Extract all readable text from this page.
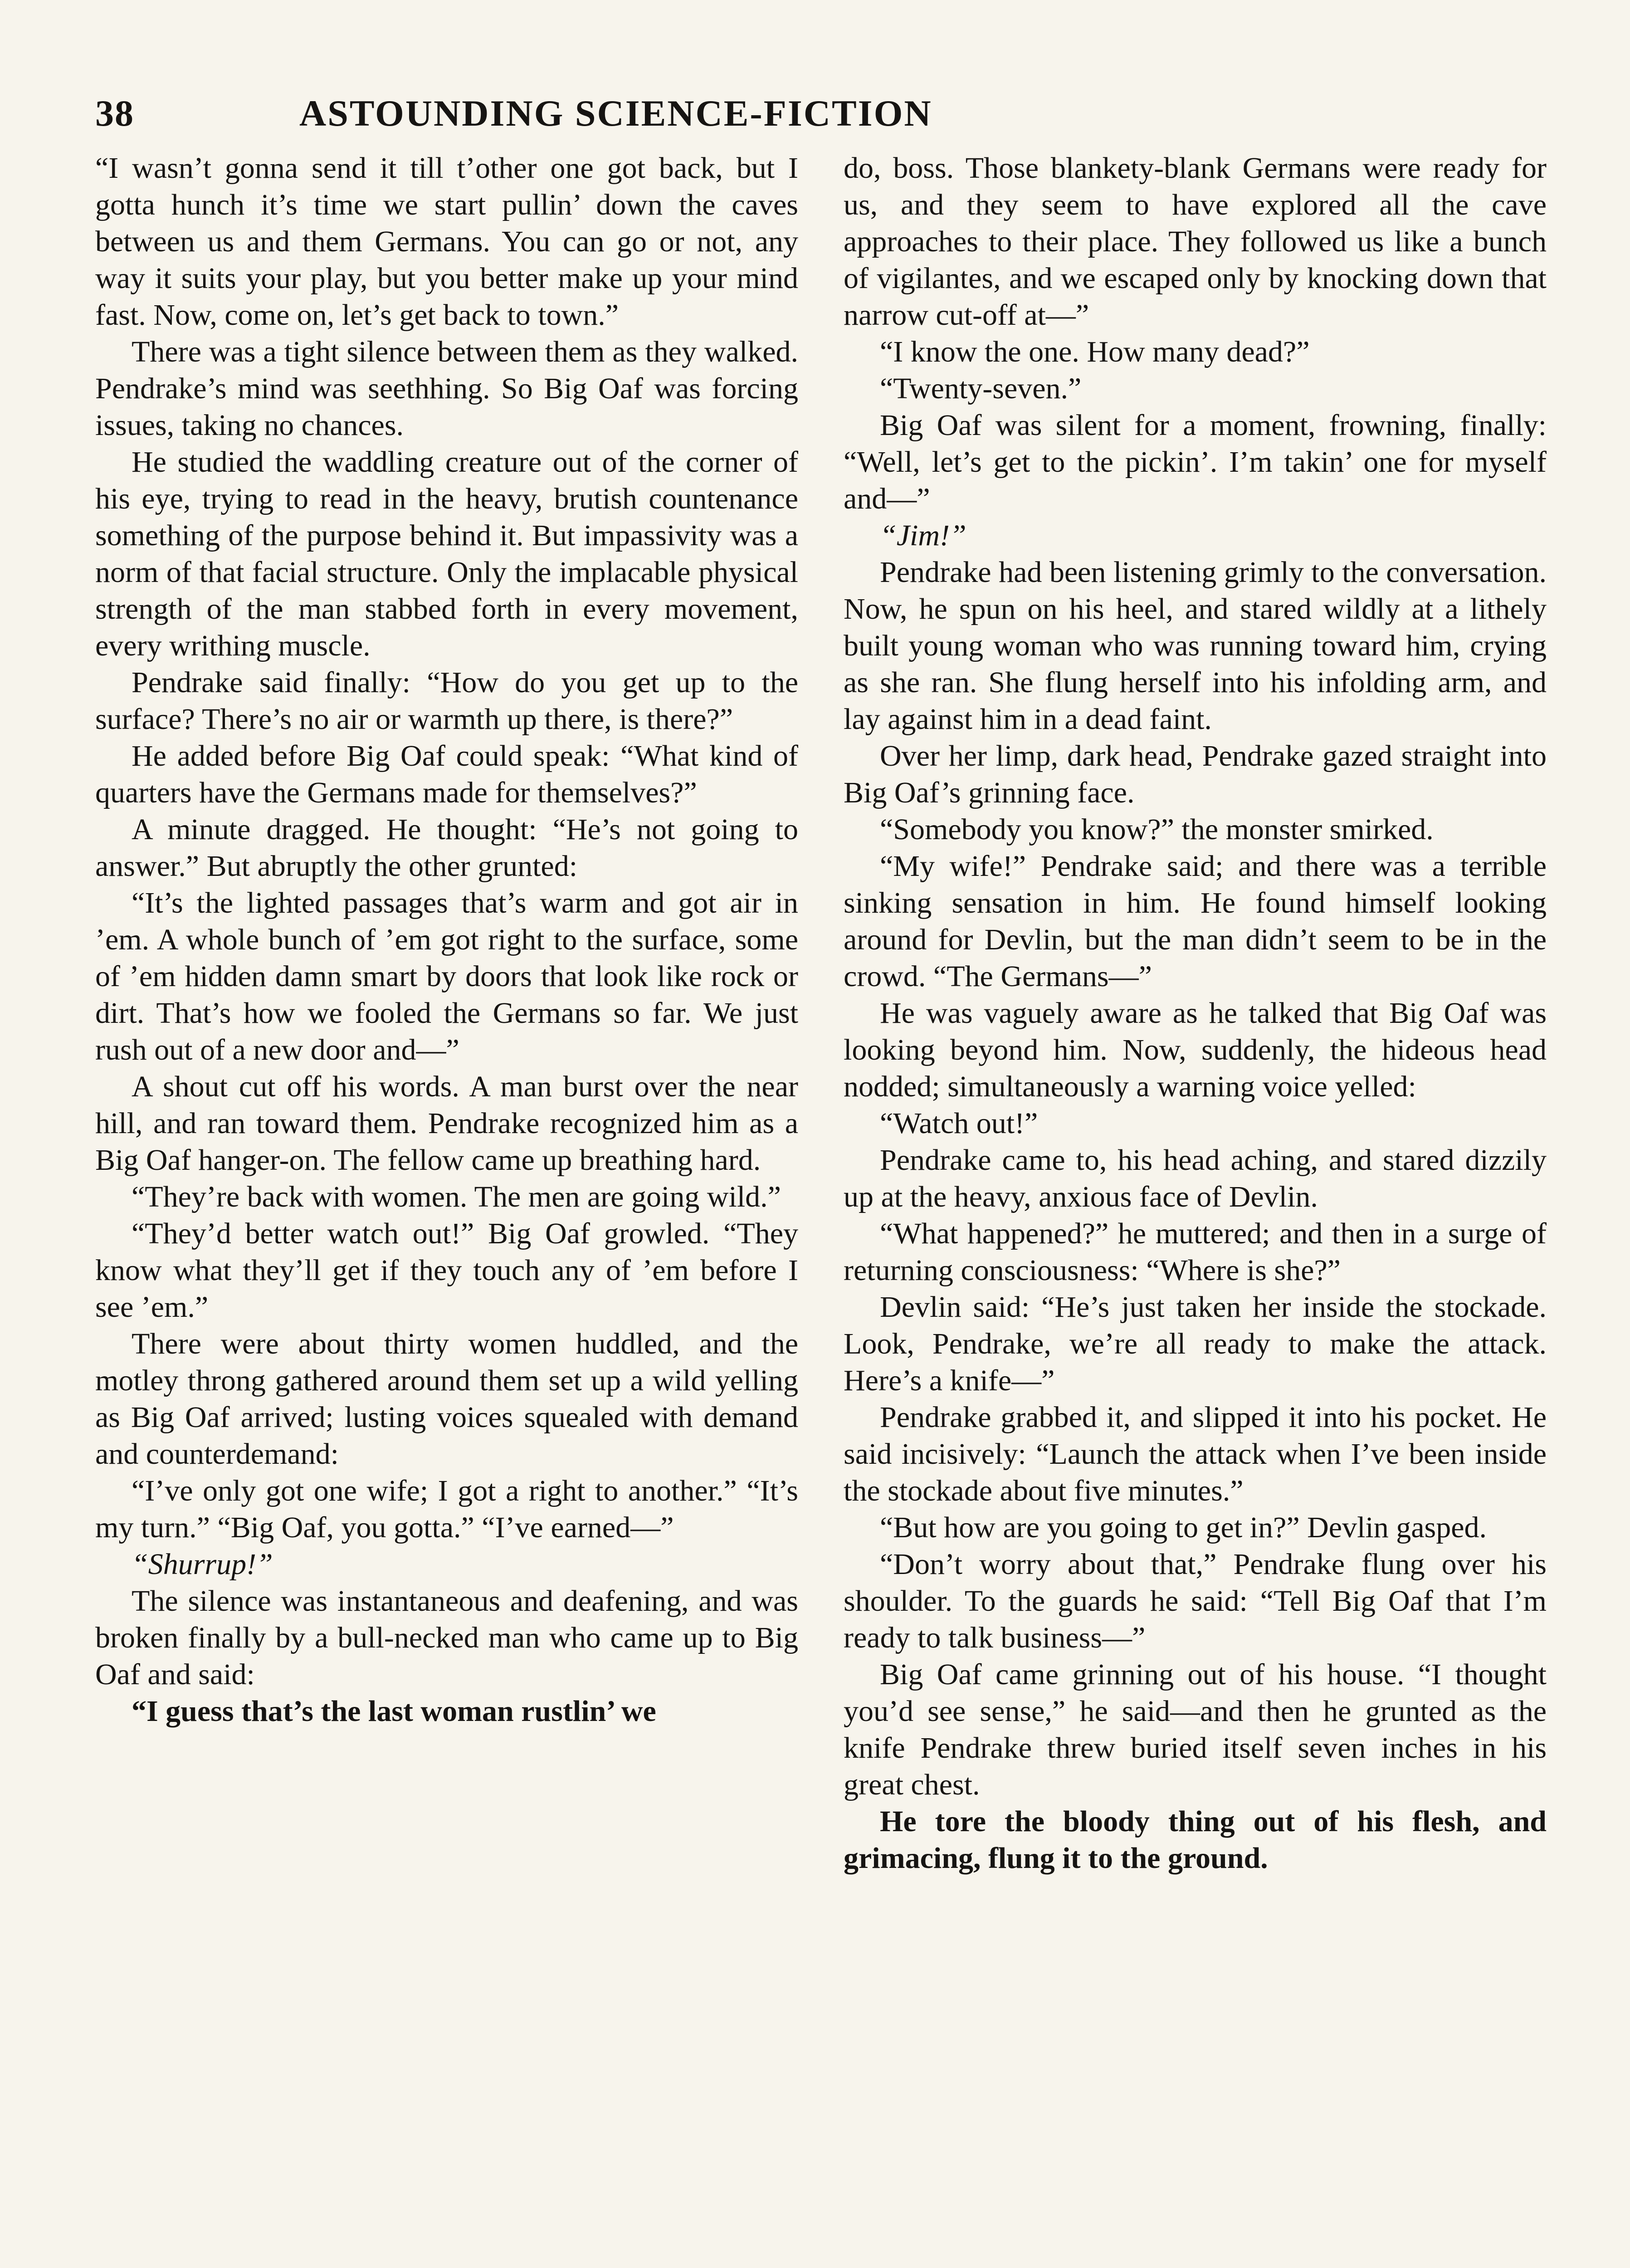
38	ASTOUNDING SCIENCE-FICTION

“I wasn’t gonna send it till t’other one got back, but I gotta hunch it’s time we start pullin’ down the caves between us and them Germans. You can go or not, any way it suits your play, but you better make up your mind fast. Now, come on, let’s get back to town.”

There was a tight silence between them as they walked. Pendrake’s mind was seethhing. So Big Oaf was forcing issues, taking no chances.

He studied the waddling creature out of the corner of his eye, trying to read in the heavy, brutish countenance something of the purpose behind it. But impassivity was a norm of that facial structure. Only the implacable physical strength of the man stabbed forth in every movement, every writhing muscle.

Pendrake said finally: “How do you get up to the surface? There’s no air or warmth up there, is there?”

He added before Big Oaf could speak: “What kind of quarters have the Germans made for themselves?”

A minute dragged. He thought: “He’s not going to answer.” But abruptly the other grunted:

“It’s the lighted passages that’s warm and got air in ’em. A whole bunch of ’em got right to the surface, some of ’em hidden damn smart by doors that look like rock or dirt. That’s how we fooled the Germans so far. We just rush out of a new door and—”

A shout cut off his words. A man burst over the near hill, and ran toward them. Pendrake recognized him as a Big Oaf hanger-on. The fellow came up breathing hard.

“They’re back with women. The men are going wild.”

“They’d better watch out!” Big Oaf growled. “They know what they’ll get if they touch any of ’em before I see ’em.”

There were about thirty women huddled, and the motley throng gathered around them set up a wild yelling as Big Oaf arrived; lusting voices squealed with demand and counterdemand:

“I’ve only got one wife; I got a right to another.” “It’s my turn.” “Big Oaf, you gotta.” “I’ve earned—”

“Shurrup!”

The silence was instantaneous and deafening, and was broken finally by a bull-necked man who came up to Big Oaf and said:

“I guess that’s the last woman rustlin’ we

do, boss. Those blankety-blank Germans were ready for us, and they seem to have explored all the cave approaches to their place. They followed us like a bunch of vigilantes, and we escaped only by knocking down that narrow cut-off at—”

“I know the one. How many dead?”

“Twenty-seven.”

Big Oaf was silent for a moment, frowning, finally: “Well, let’s get to the pickin’. I’m takin’ one for myself and—”

“Jim!”

Pendrake had been listening grimly to the conversation. Now, he spun on his heel, and stared wildly at a lithely built young woman who was running toward him, crying as she ran. She flung herself into his infolding arm, and lay against him in a dead faint.

Over her limp, dark head, Pendrake gazed straight into Big Oaf’s grinning face.

“Somebody you know?” the monster smirked.

“My wife!” Pendrake said; and there was a terrible sinking sensation in him. He found himself looking around for Devlin, but the man didn’t seem to be in the crowd. “The Germans—”

He was vaguely aware as he talked that Big Oaf was looking beyond him. Now, suddenly, the hideous head nodded; simultaneously a warning voice yelled:

“Watch out!”

Pendrake came to, his head aching, and stared dizzily up at the heavy, anxious face of Devlin.

“What happened?” he muttered; and then in a surge of returning consciousness: “Where is she?”

Devlin said: “He’s just taken her inside the stockade. Look, Pendrake, we’re all ready to make the attack. Here’s a knife—”

Pendrake grabbed it, and slipped it into his pocket. He said incisively: “Launch the attack when I’ve been inside the stockade about five minutes.”

“But how are you going to get in?” Devlin gasped.

“Don’t worry about that,” Pendrake flung over his shoulder. To the guards he said: “Tell Big Oaf that I’m ready to talk business—”

Big Oaf came grinning out of his house. “I thought you’d see sense,” he said—and then he grunted as the knife Pendrake threw buried itself seven inches in his great chest.

He tore the bloody thing out of his flesh, and grimacing, flung it to the ground.
